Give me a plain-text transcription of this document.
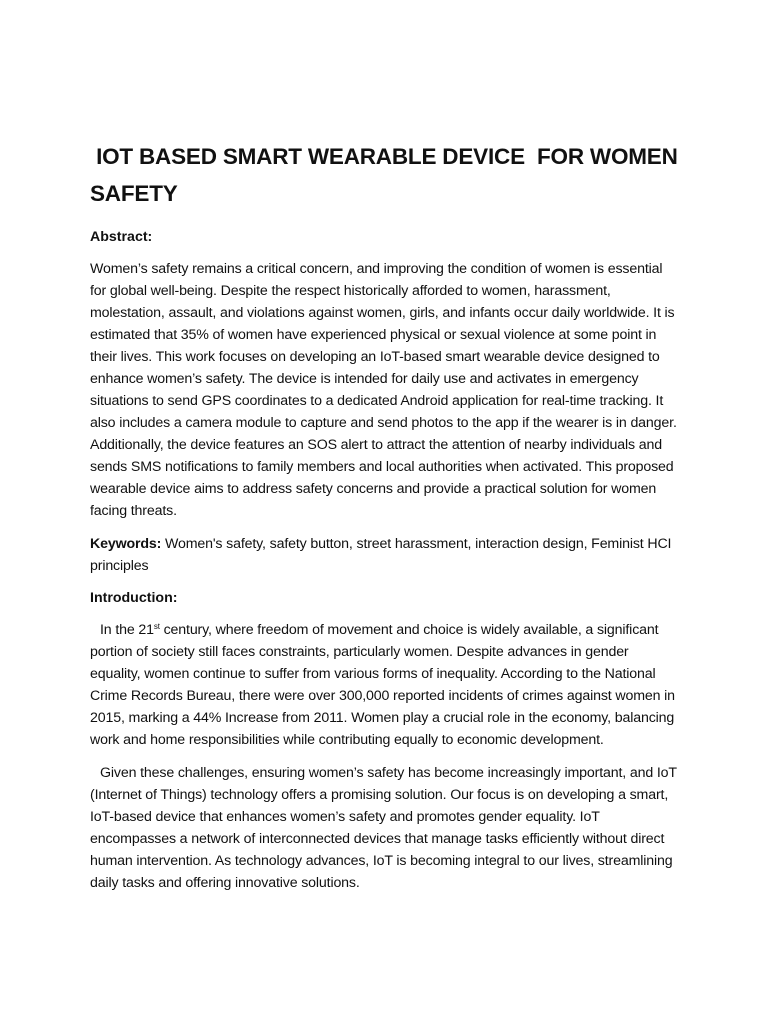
IOT BASED SMART WEARABLE DEVICE  FOR WOMEN SAFETY
Abstract:

Women’s safety remains a critical concern, and improving the condition of women is essential for global well-being. Despite the respect historically afforded to women, harassment, molestation, assault, and violations against women, girls, and infants occur daily worldwide. It is estimated that 35% of women have experienced physical or sexual violence at some point in their lives. This work focuses on developing an IoT-based smart wearable device designed to enhance women’s safety. The device is intended for daily use and activates in emergency situations to send GPS coordinates to a dedicated Android application for real-time tracking. It also includes a camera module to capture and send photos to the app if the wearer is in danger. Additionally, the device features an SOS alert to attract the attention of nearby individuals and sends SMS notifications to family members and local authorities when activated. This proposed wearable device aims to address safety concerns and provide a practical solution for women facing threats.

Keywords: Women's safety, safety button, street harassment, interaction design, Feminist HCI principles

Introduction:

In the 21st century, where freedom of movement and choice is widely available, a significant portion of society still faces constraints, particularly women. Despite advances in gender equality, women continue to suffer from various forms of inequality. According to the National Crime Records Bureau, there were over 300,000 reported incidents of crimes against women in 2015, marking a 44% Increase from 2011. Women play a crucial role in the economy, balancing work and home responsibilities while contributing equally to economic development.

Given these challenges, ensuring women’s safety has become increasingly important, and IoT (Internet of Things) technology offers a promising solution. Our focus is on developing a smart, IoT-based device that enhances women’s safety and promotes gender equality. IoT encompasses a network of interconnected devices that manage tasks efficiently without direct human intervention. As technology advances, IoT is becoming integral to our lives, streamlining daily tasks and offering innovative solutions.
